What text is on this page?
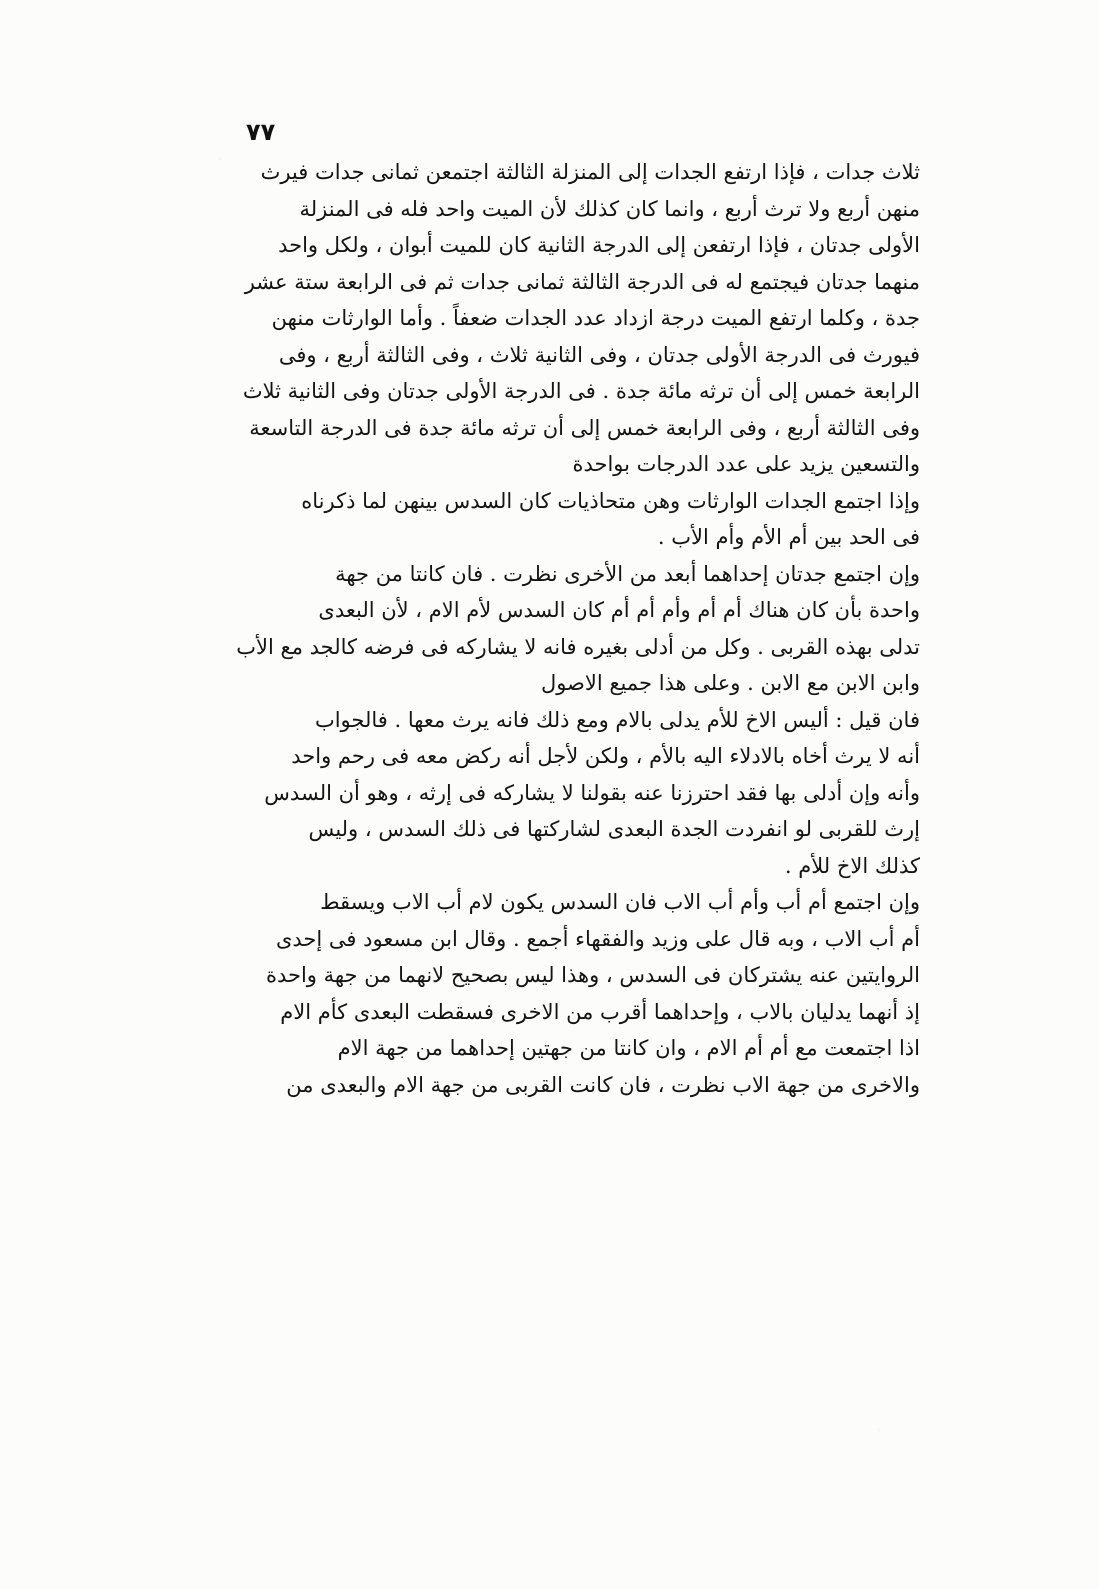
٧٧
ثلاث جدات ، فإذا ارتفع الجدات إلى المنزلة الثالثة اجتمعن ثمانى جدات فيرث
منهن أربع ولا ترث أربع ، وانما كان كذلك لأن الميت واحد فله فى المنزلة
الأولى جدتان ، فإذا ارتفعن إلى الدرجة الثانية كان للميت أبوان ، ولكل واحد
منهما جدتان فيجتمع له فى الدرجة الثالثة ثمانى جدات ثم فى الرابعة ستة عشر
جدة ، وكلما ارتفع الميت درجة ازداد عدد الجدات ضعفاً . وأما الوارثات منهن
فيورث فى الدرجة الأولى جدتان ، وفى الثانية ثلاث ، وفى الثالثة أربع ، وفى
الرابعة خمس إلى أن ترثه مائة جدة . فى الدرجة الأولى جدتان وفى الثانية ثلاث
وفى الثالثة أربع ، وفى الرابعة خمس إلى أن ترثه مائة جدة فى الدرجة التاسعة
والتسعين يزيد على عدد الدرجات بواحدة
وإذا اجتمع الجدات الوارثات وهن متحاذيات كان السدس بينهن لما ذكرناه
فى الحد بين أم الأم وأم الأب .
وإن اجتمع جدتان إحداهما أبعد من الأخرى نظرت . فان كانتا من جهة
واحدة بأن كان هناك أم أم وأم أم أم كان السدس لأم الام ، لأن البعدى
تدلى بهذه القربى . وكل من أدلى بغيره فانه لا يشاركه فى فرضه كالجد مع الأب
وابن الابن مع الابن . وعلى هذا جميع الاصول
فان قيل : أليس الاخ للأم يدلى بالام ومع ذلك فانه يرث معها . فالجواب
أنه لا يرث أخاه بالادلاء اليه بالأم ، ولكن لأجل أنه ركض معه فى رحم واحد
وأنه وإن أدلى بها فقد احترزنا عنه بقولنا لا يشاركه فى إرثه ، وهو أن السدس
إرث للقربى لو انفردت الجدة البعدى لشاركتها فى ذلك السدس ، وليس
كذلك الاخ للأم .
وإن اجتمع أم أب وأم أب الاب فان السدس يكون لام أب الاب ويسقط
أم أب الاب ، وبه قال على وزيد والفقهاء أجمع . وقال ابن مسعود فى إحدى
الروايتين عنه يشتركان فى السدس ، وهذا ليس بصحيح لانهما من جهة واحدة
إذ أنهما يدليان بالاب ، وإحداهما أقرب من الاخرى فسقطت البعدى كأم الام
اذا اجتمعت مع أم أم الام ، وان كانتا من جهتين إحداهما من جهة الام
والاخرى من جهة الاب نظرت ، فان كانت القربى من جهة الام والبعدى من
